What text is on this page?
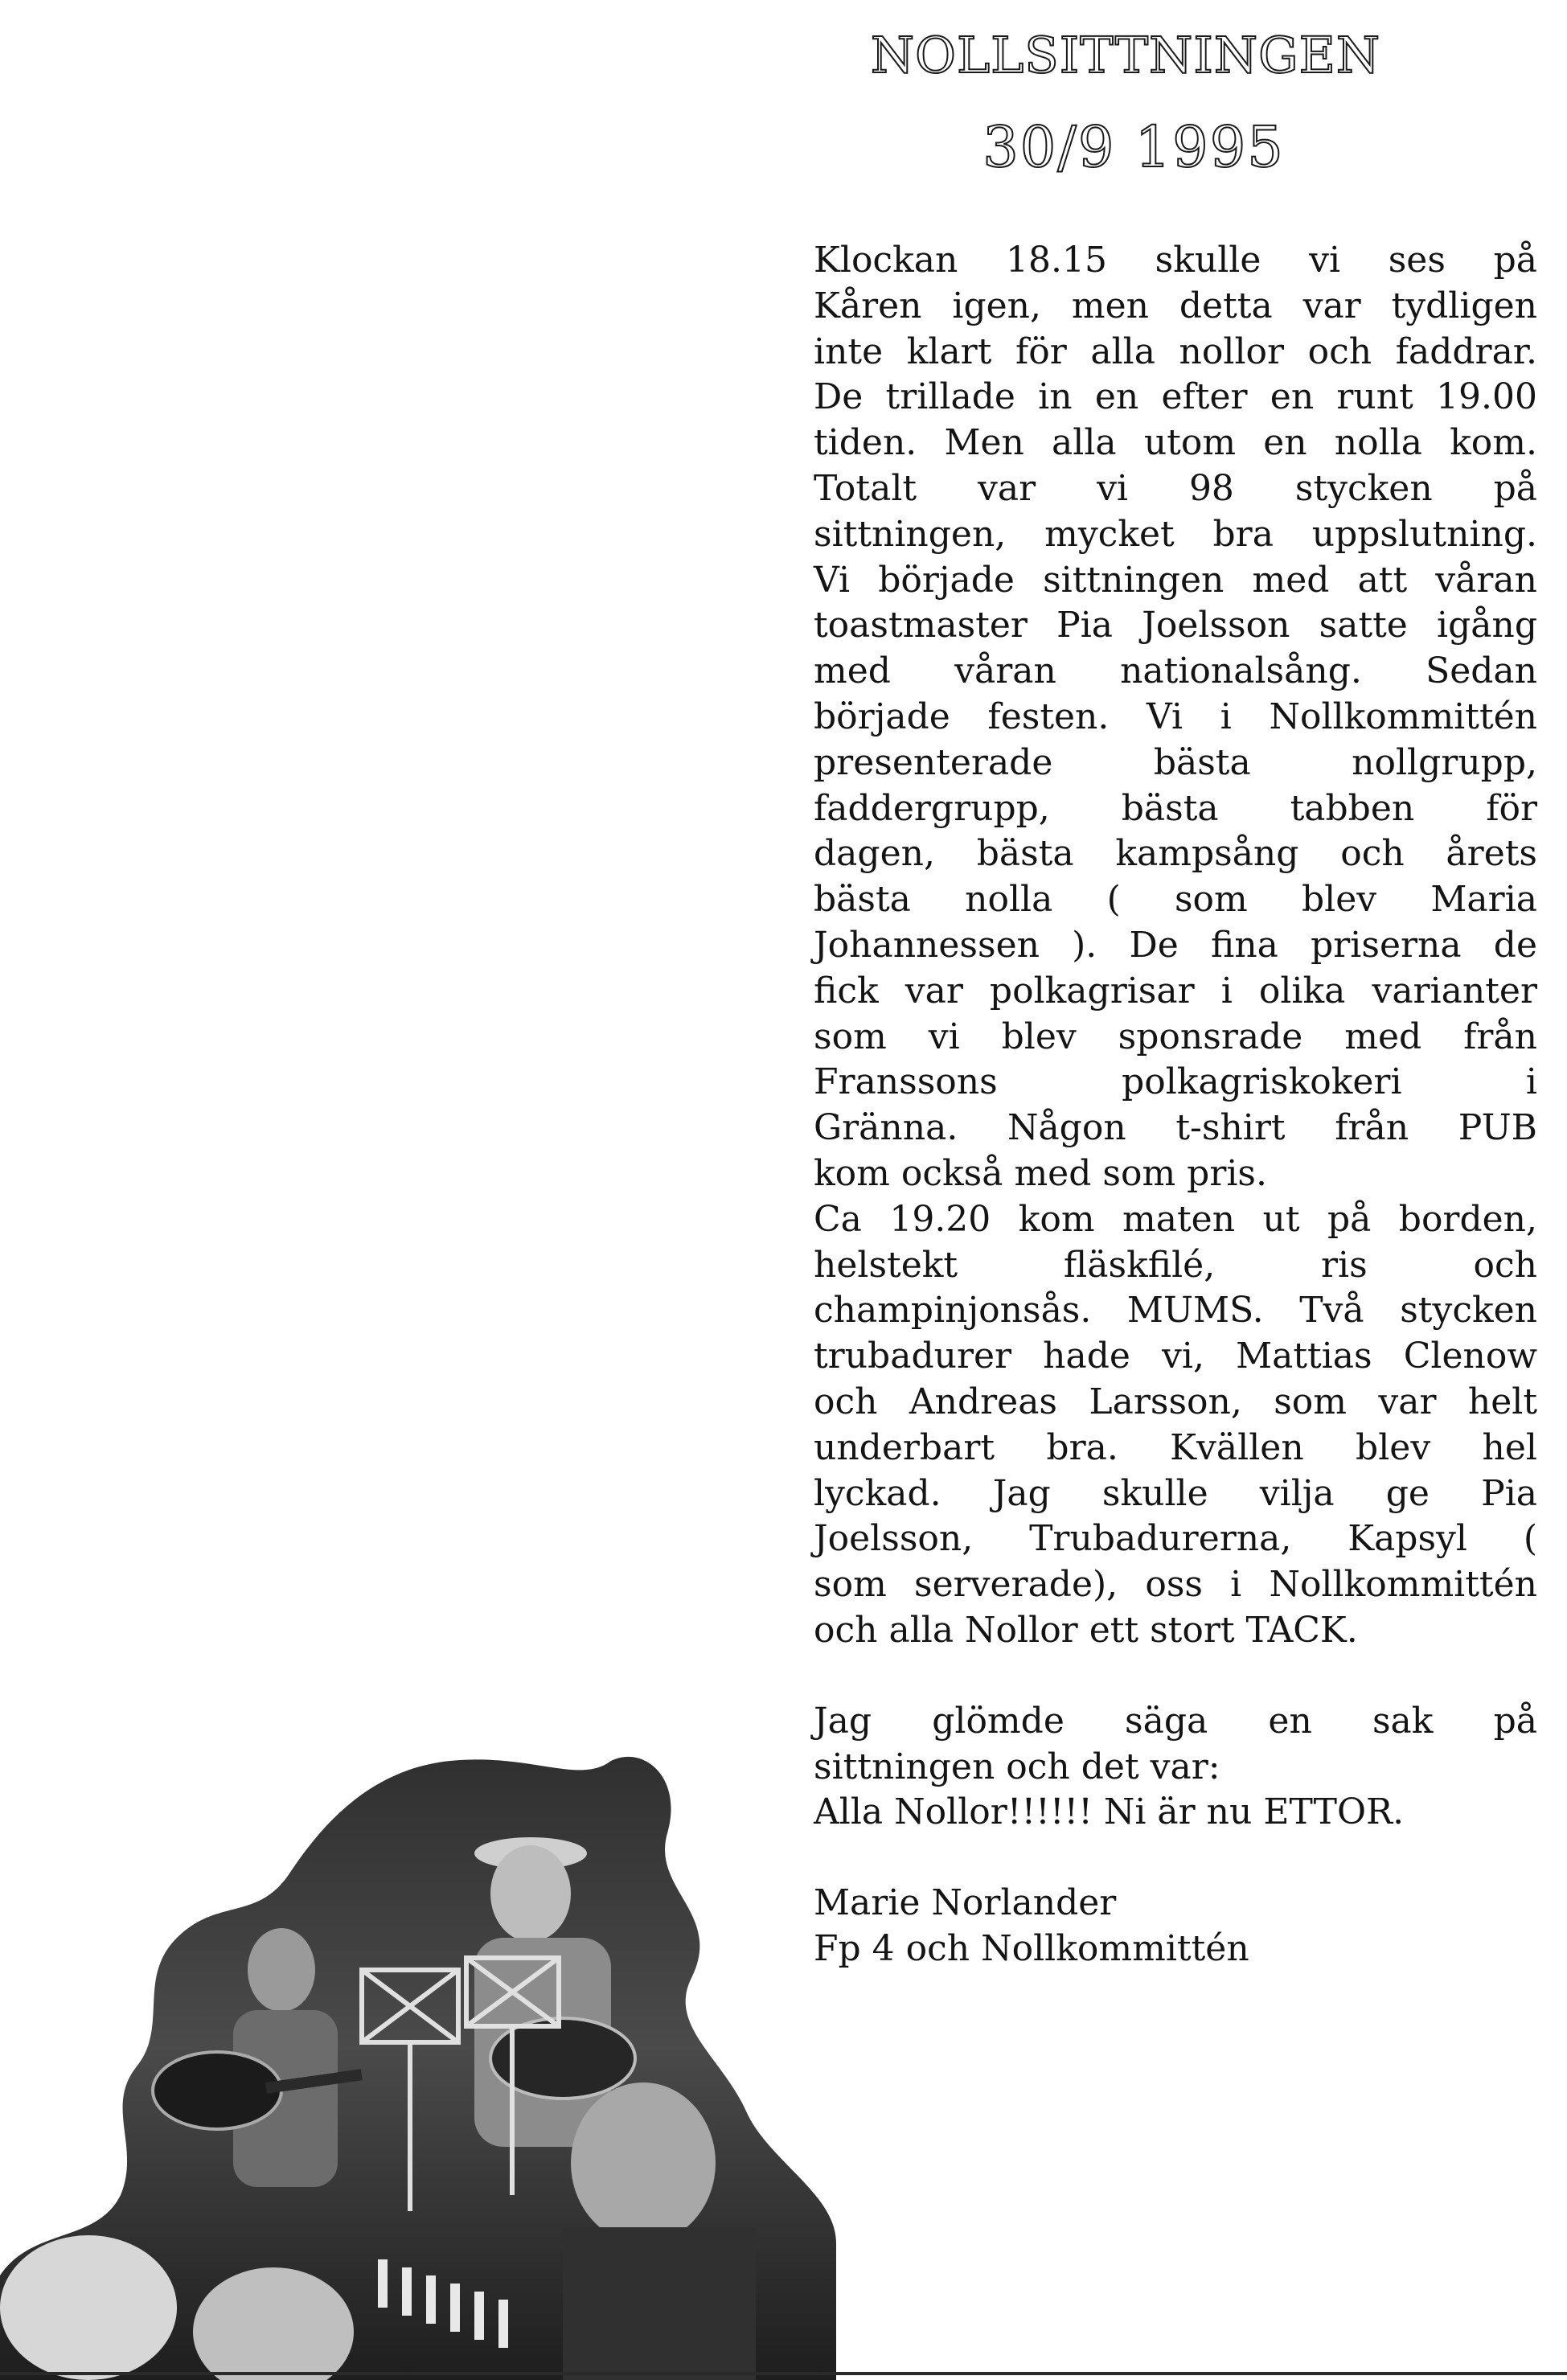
NOLLSITTNINGEN
30/9 1995
Klockan 18.15 skulle vi ses på
Kåren igen, men detta var tydligen
inte klart för alla nollor och faddrar.
De trillade in en efter en runt 19.00
tiden. Men alla utom en nolla kom.
Totalt var vi 98 stycken på
sittningen, mycket bra uppslutning.
Vi började sittningen med att våran
toastmaster Pia Joelsson satte igång
med våran nationalsång. Sedan
började festen. Vi i Nollkommittén
presenterade bästa nollgrupp,
faddergrupp, bästa tabben för
dagen, bästa kampsång och årets
bästa nolla ( som blev Maria
Johannessen ). De fina priserna de
fick var polkagrisar i olika varianter
som vi blev sponsrade med från
Franssons polkagriskokeri i
Gränna. Någon t-shirt från PUB
kom också med som pris.
Ca 19.20 kom maten ut på borden,
helstekt fläskfilé, ris och
champinjonsås. MUMS. Två stycken
trubadurer hade vi, Mattias Clenow
och Andreas Larsson, som var helt
underbart bra. Kvällen blev hel
lyckad. Jag skulle vilja ge Pia
Joelsson, Trubadurerna, Kapsyl (
som serverade), oss i Nollkommittén
och alla Nollor ett stort TACK.
Jag glömde säga en sak på
sittningen och det var:
Alla Nollor!!!!!! Ni är nu ETTOR.
Marie Norlander
Fp 4 och Nollkommittén
